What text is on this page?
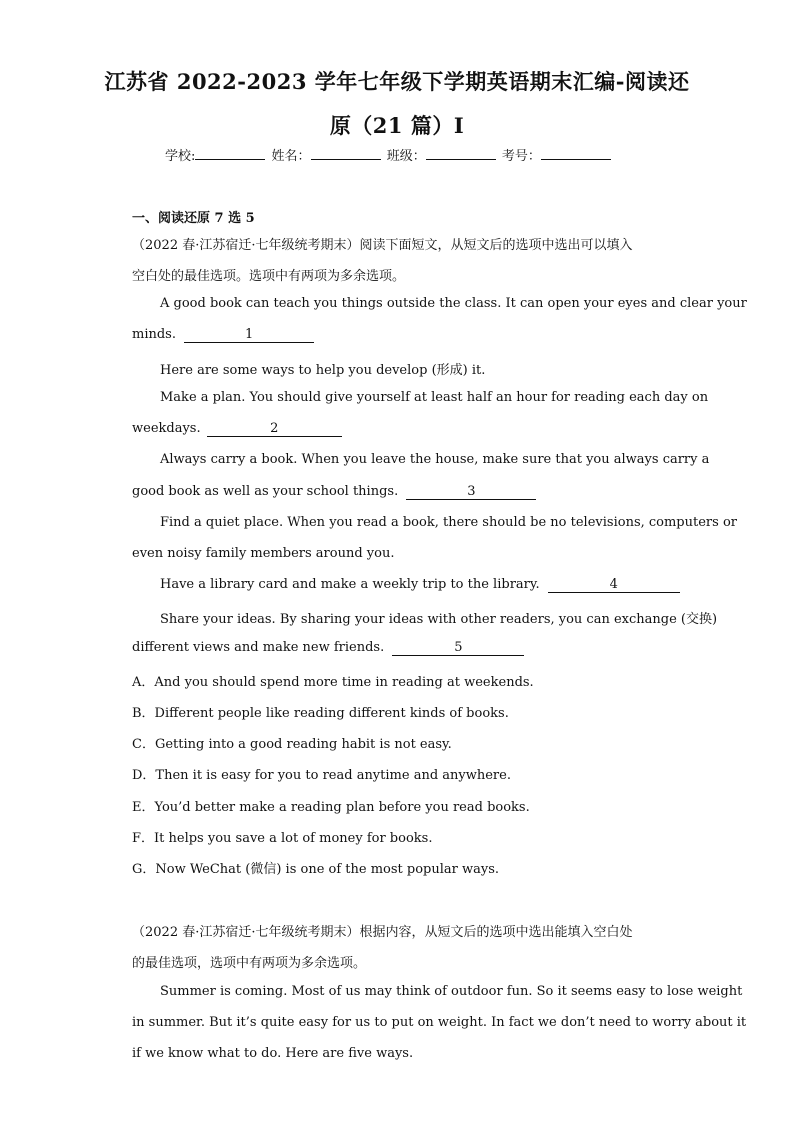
江苏省 2022-2023 学年七年级下学期英语期末汇编-阅读还
原（21 篇）Ⅰ
学校:	姓名：	班级：	考号：
一、阅读还原 7 选 5
（2022 春·江苏宿迁·七年级统考期末）阅读下面短文，从短文后的选项中选出可以填入
空白处的最佳选项。选项中有两项为多余选项。
A good book can teach you things outside the class. It can open your eyes and clear your
minds.	1
Here are some ways to help you develop (形成) it.
Make a plan. You should give yourself at least half an hour for reading each day on
weekdays.	2
Always carry a book. When you leave the house, make sure that you always carry a
good book as well as your school things.	3
Find a quiet place. When you read a book, there should be no televisions, computers or
even noisy family members around you.
Have a library card and make a weekly trip to the library.	4
Share your ideas. By sharing your ideas with other readers, you can exchange (交换)
different views and make new friends.	5
A．And you should spend more time in reading at weekends.
B．Different people like reading different kinds of books.
C．Getting into a good reading habit is not easy.
D．Then it is easy for you to read anytime and anywhere.
E．You’d better make a reading plan before you read books.
F．It helps you save a lot of money for books.
G．Now WeChat (微信) is one of the most popular ways.
（2022 春·江苏宿迁·七年级统考期末）根据内容，从短文后的选项中选出能填入空白处
的最佳选项，选项中有两项为多余选项。
Summer is coming. Most of us may think of outdoor fun. So it seems easy to lose weight
in summer. But it’s quite easy for us to put on weight. In fact we don’t need to worry about it
if we know what to do. Here are five ways.
